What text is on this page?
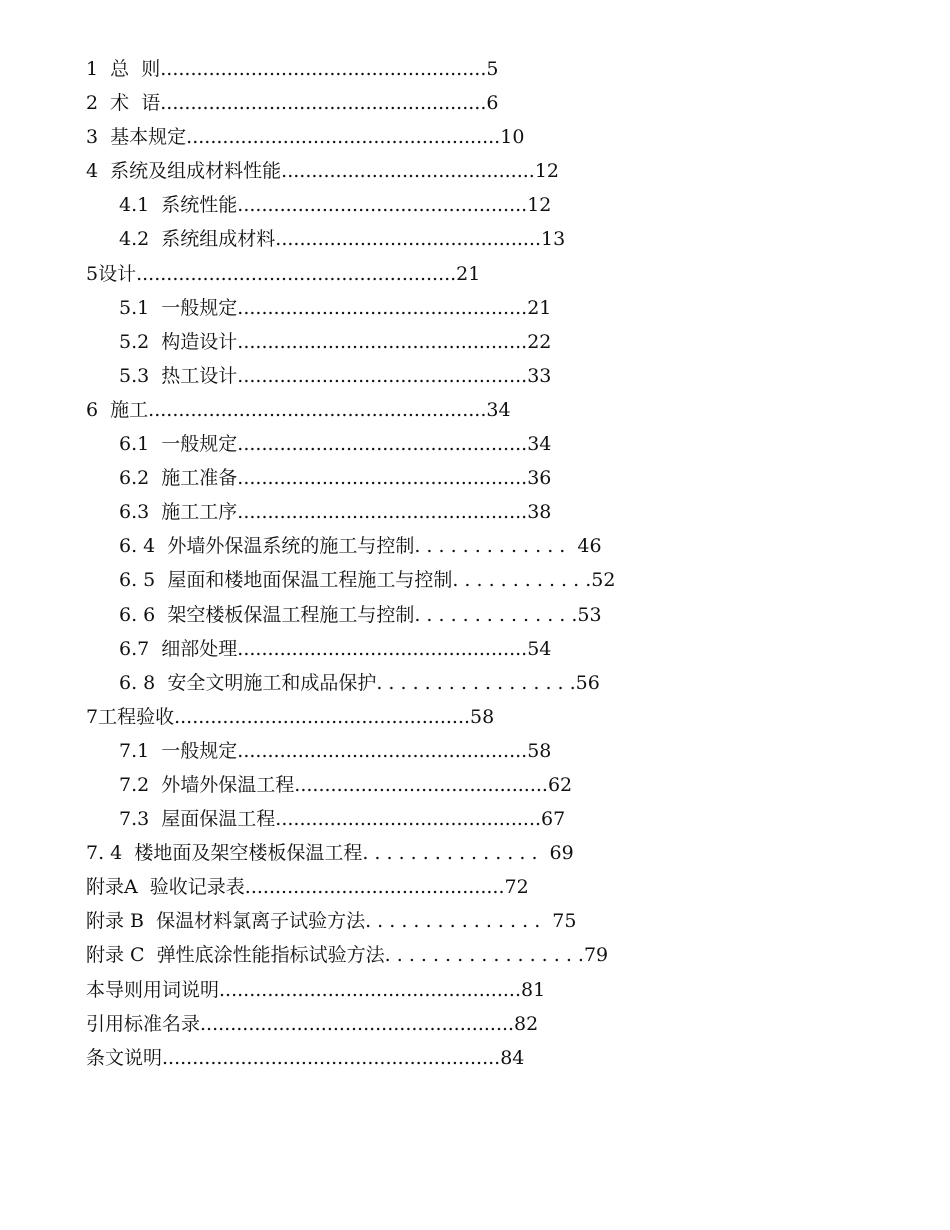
1  总  则......................................................5
2  术  语......................................................6
3  基本规定....................................................10
4  系统及组成材料性能..........................................12
4.1  系统性能................................................12
4.2  系统组成材料............................................13
5设计.....................................................21
5.1  一般规定................................................21
5.2  构造设计................................................22
5.3  热工设计................................................33
6  施工........................................................34
6.1  一般规定................................................34
6.2  施工准备................................................36
6.3  施工工序................................................38
6. 4  外墙外保温系统的施工与控制. . . . . . . . . . . . .  46
6. 5  屋面和楼地面保温工程施工与控制. . . . . . . . . . . .52
6. 6  架空楼板保温工程施工与控制. . . . . . . . . . . . . .53
6.7  细部处理................................................54
6. 8  安全文明施工和成品保护. . . . . . . . . . . . . . . . .56
7工程验收.................................................58
7.1  一般规定................................................58
7.2  外墙外保温工程..........................................62
7.3  屋面保温工程............................................67
7. 4  楼地面及架空楼板保温工程. . . . . . . . . . . . . . .  69
附录A  验收记录表...........................................72
附录 B  保温材料氯离子试验方法. . . . . . . . . . . . . . .  75
附录 C  弹性底涂性能指标试验方法. . . . . . . . . . . . . . . . .79
本导则用词说明..................................................81
引用标准名录....................................................82
条文说明........................................................84
